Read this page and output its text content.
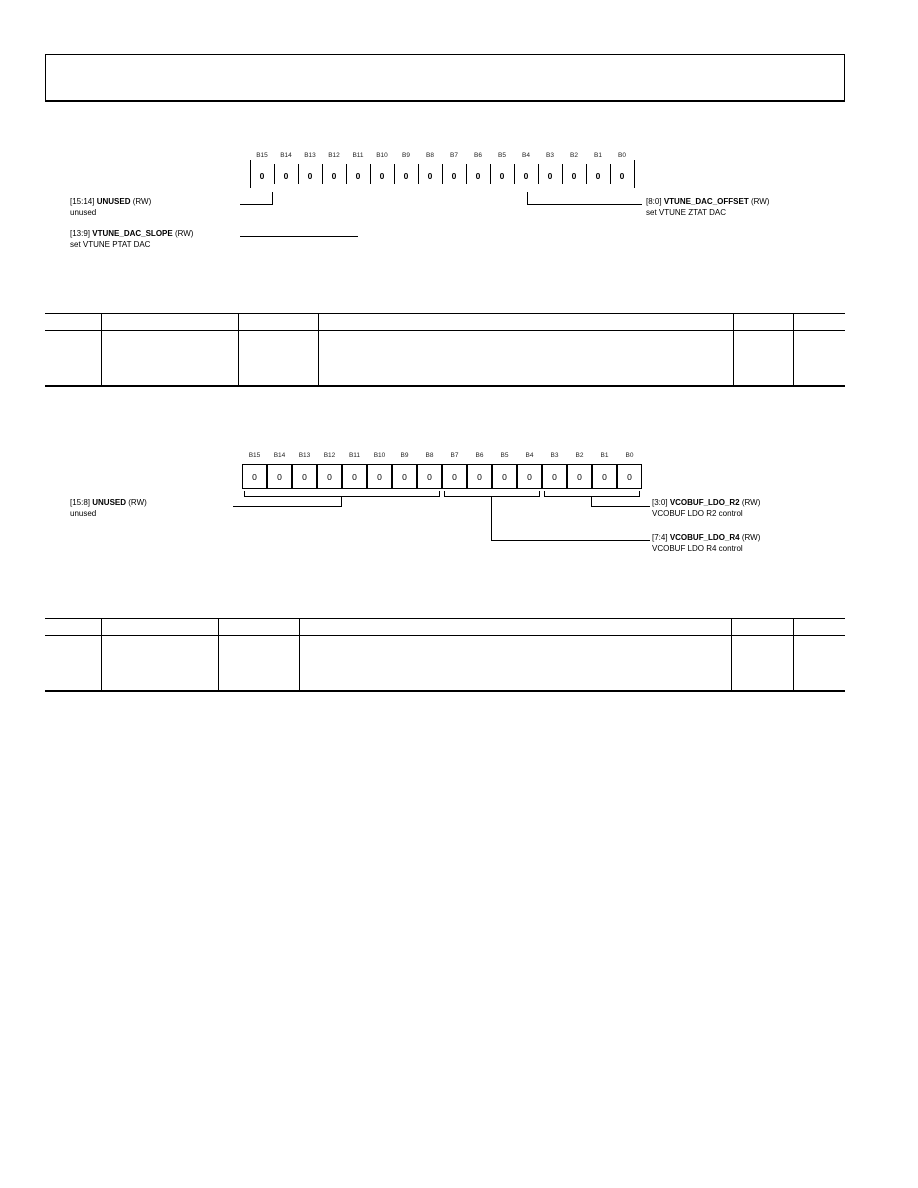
B15	B14	B13	B12	B11	B10	B9	B8	B7	B6	B5	B4	B3	B2	B1	B0
0	0	0	0	0	0	0	0	0	0	0	0	0	0	0	0
[15:14] UNUSED (RW)
unused
[13:9] VTUNE_DAC_SLOPE (RW)
set VTUNE PTAT DAC
[8:0] VTUNE_DAC_OFFSET (RW)
set VTUNE ZTAT DAC

B15	B14	B13	B12	B11	B10	B9	B8	B7	B6	B5	B4	B3	B2	B1	B0
0	0	0	0	0	0	0	0	0	0	0	0	0	0	0	0
[15:8] UNUSED (RW)
unused
[3:0] VCOBUF_LDO_R2 (RW)
VCOBUF LDO R2 control
[7:4] VCOBUF_LDO_R4 (RW)
VCOBUF LDO R4 control
